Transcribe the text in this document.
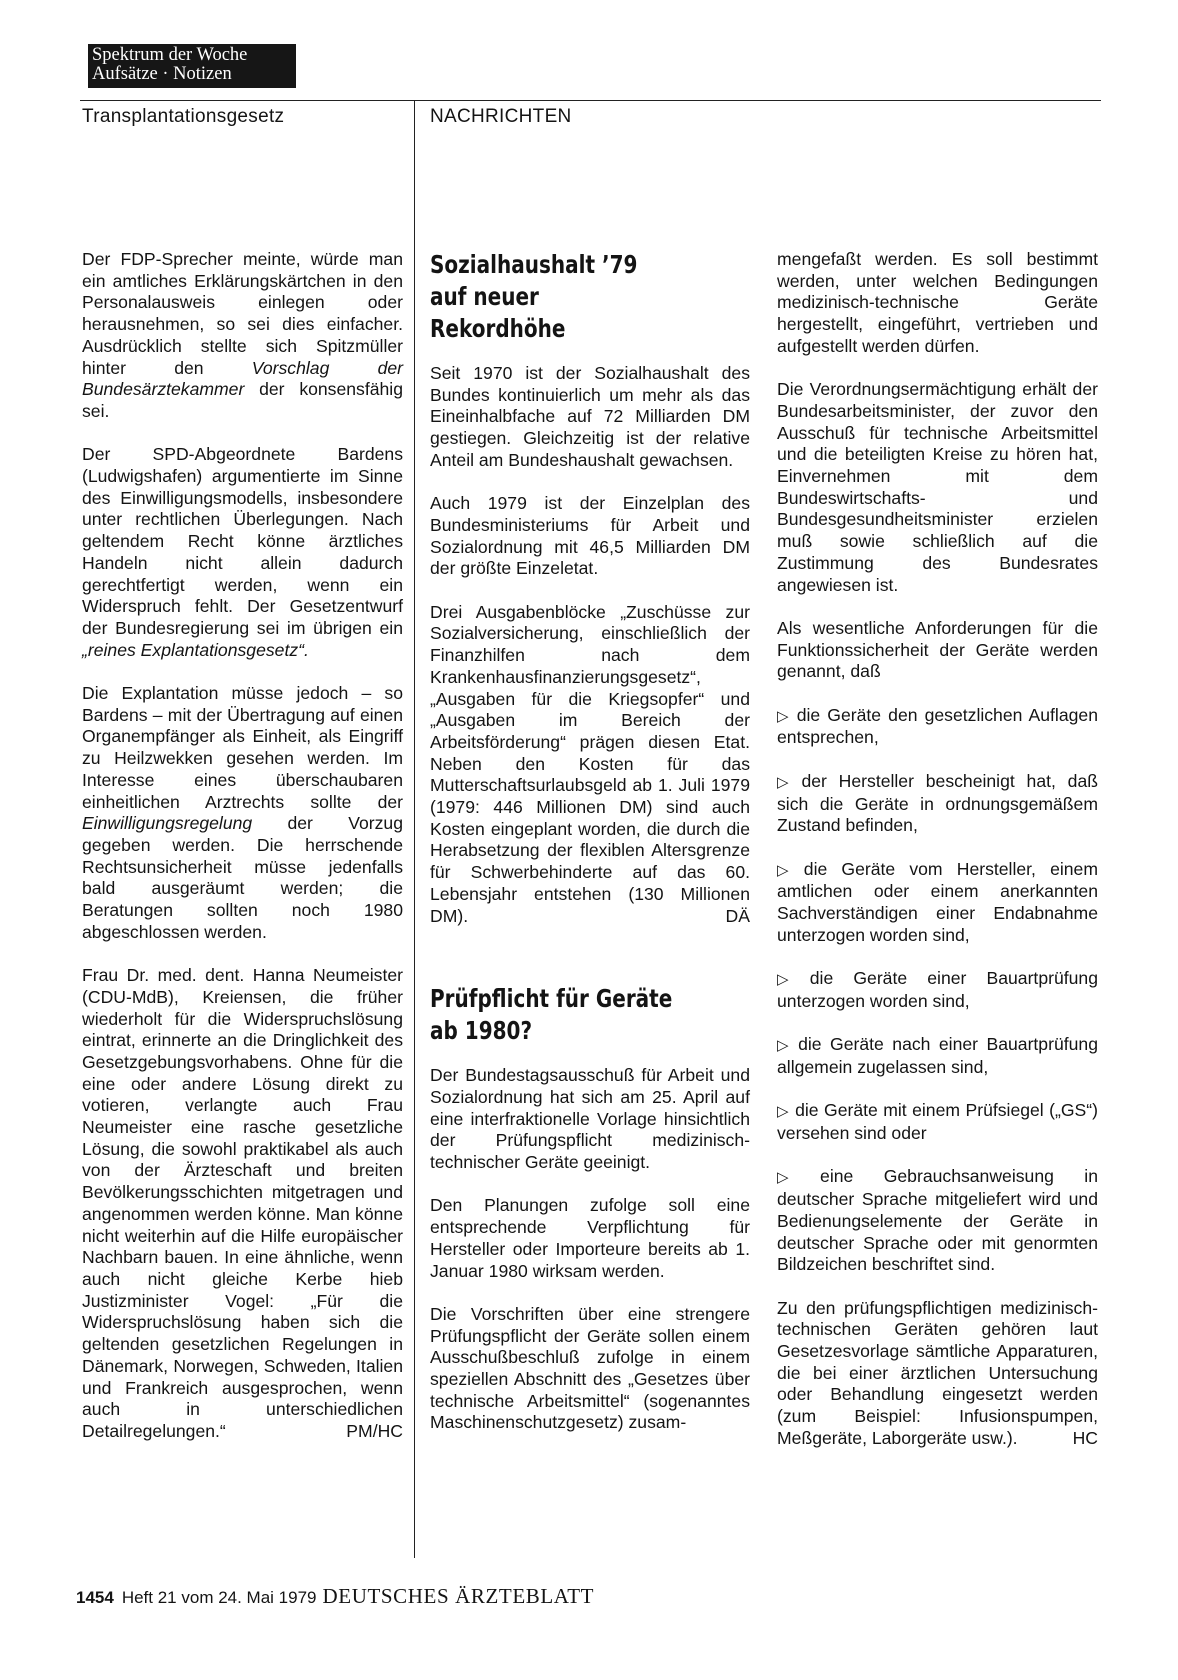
Spektrum der Woche
Aufsätze · Notizen
Transplantationsgesetz	NACHRICHTEN

Der FDP-Sprecher meinte, würde man ein amtliches Erklärungskärtchen in den Personalausweis einlegen oder herausnehmen, so sei dies einfacher. Ausdrücklich stellte sich Spitzmüller hinter den Vorschlag der Bundesärztekammer der konsensfähig sei.

Der SPD-Abgeordnete Bardens (Ludwigshafen) argumentierte im Sinne des Einwilligungsmodells, insbesondere unter rechtlichen Überlegungen. Nach geltendem Recht könne ärztliches Handeln nicht allein dadurch gerechtfertigt werden, wenn ein Widerspruch fehlt. Der Gesetzentwurf der Bundesregierung sei im übrigen ein „reines Explantationsgesetz“.

Die Explantation müsse jedoch – so Bardens – mit der Übertragung auf einen Organempfänger als Einheit, als Eingriff zu Heilzwekken gesehen werden. Im Interesse eines überschaubaren einheitlichen Arztrechts sollte der Einwilligungsregelung der Vorzug gegeben werden. Die herrschende Rechtsunsicherheit müsse jedenfalls bald ausgeräumt werden; die Beratungen sollten noch 1980 abgeschlossen werden.

Frau Dr. med. dent. Hanna Neumeister (CDU-MdB), Kreiensen, die früher wiederholt für die Widerspruchslösung eintrat, erinnerte an die Dringlichkeit des Gesetzgebungsvorhabens. Ohne für die eine oder andere Lösung direkt zu votieren, verlangte auch Frau Neumeister eine rasche gesetzliche Lösung, die sowohl praktikabel als auch von der Ärzteschaft und breiten Bevölkerungsschichten mitgetragen und angenommen werden könne. Man könne nicht weiterhin auf die Hilfe europäischer Nachbarn bauen. In eine ähnliche, wenn auch nicht gleiche Kerbe hieb Justizminister Vogel: „Für die Widerspruchslösung haben sich die geltenden gesetzlichen Regelungen in Dänemark, Norwegen, Schweden, Italien und Frankreich ausgesprochen, wenn auch in unterschiedlichen Detailregelungen.“	PM/HC

Sozialhaushalt ’79
auf neuer
Rekordhöhe

Seit 1970 ist der Sozialhaushalt des Bundes kontinuierlich um mehr als das Eineinhalbfache auf 72 Milliarden DM gestiegen. Gleichzeitig ist der relative Anteil am Bundeshaushalt gewachsen.

Auch 1979 ist der Einzelplan des Bundesministeriums für Arbeit und Sozialordnung mit 46,5 Milliarden DM der größte Einzeletat.

Drei Ausgabenblöcke „Zuschüsse zur Sozialversicherung, einschließlich der Finanzhilfen nach dem Krankenhausfinanzierungsgesetz“, „Ausgaben für die Kriegsopfer“ und „Ausgaben im Bereich der Arbeitsförderung“ prägen diesen Etat. Neben den Kosten für das Mutterschaftsurlaubsgeld ab 1. Juli 1979 (1979: 446 Millionen DM) sind auch Kosten eingeplant worden, die durch die Herabsetzung der flexiblen Altersgrenze für Schwerbehinderte auf das 60. Lebensjahr entstehen (130 Millionen DM).	DÄ

Prüfpflicht für Geräte
ab 1980?

Der Bundestagsausschuß für Arbeit und Sozialordnung hat sich am 25. April auf eine interfraktionelle Vorlage hinsichtlich der Prüfungspflicht medizinisch-technischer Geräte geeinigt.

Den Planungen zufolge soll eine entsprechende Verpflichtung für Hersteller oder Importeure bereits ab 1. Januar 1980 wirksam werden.

Die Vorschriften über eine strengere Prüfungspflicht der Geräte sollen einem Ausschußbeschluß zufolge in einem speziellen Abschnitt des „Gesetzes über technische Arbeitsmittel“ (sogenanntes Maschinenschutzgesetz) zusam-

mengefaßt werden. Es soll bestimmt werden, unter welchen Bedingungen medizinisch-technische Geräte hergestellt, eingeführt, vertrieben und aufgestellt werden dürfen.

Die Verordnungsermächtigung erhält der Bundesarbeitsminister, der zuvor den Ausschuß für technische Arbeitsmittel und die beteiligten Kreise zu hören hat, Einvernehmen mit dem Bundeswirtschafts- und Bundesgesundheitsminister erzielen muß sowie schließlich auf die Zustimmung des Bundesrates angewiesen ist.

Als wesentliche Anforderungen für die Funktionssicherheit der Geräte werden genannt, daß

▷ die Geräte den gesetzlichen Auflagen entsprechen,

▷ der Hersteller bescheinigt hat, daß sich die Geräte in ordnungsgemäßem Zustand befinden,

▷ die Geräte vom Hersteller, einem amtlichen oder einem anerkannten Sachverständigen einer Endabnahme unterzogen worden sind,

▷ die Geräte einer Bauartprüfung unterzogen worden sind,

▷ die Geräte nach einer Bauartprüfung allgemein zugelassen sind,

▷ die Geräte mit einem Prüfsiegel („GS“) versehen sind oder

▷ eine Gebrauchsanweisung in deutscher Sprache mitgeliefert wird und Bedienungselemente der Geräte in deutscher Sprache oder mit genormten Bildzeichen beschriftet sind.

Zu den prüfungspflichtigen medizinisch-technischen Geräten gehören laut Gesetzesvorlage sämtliche Apparaturen, die bei einer ärztlichen Untersuchung oder Behandlung eingesetzt werden (zum Beispiel: Infusionspumpen, Meßgeräte, Laborgeräte usw.).	HC

1454 Heft 21 vom 24. Mai 1979 DEUTSCHES ÄRZTEBLATT
